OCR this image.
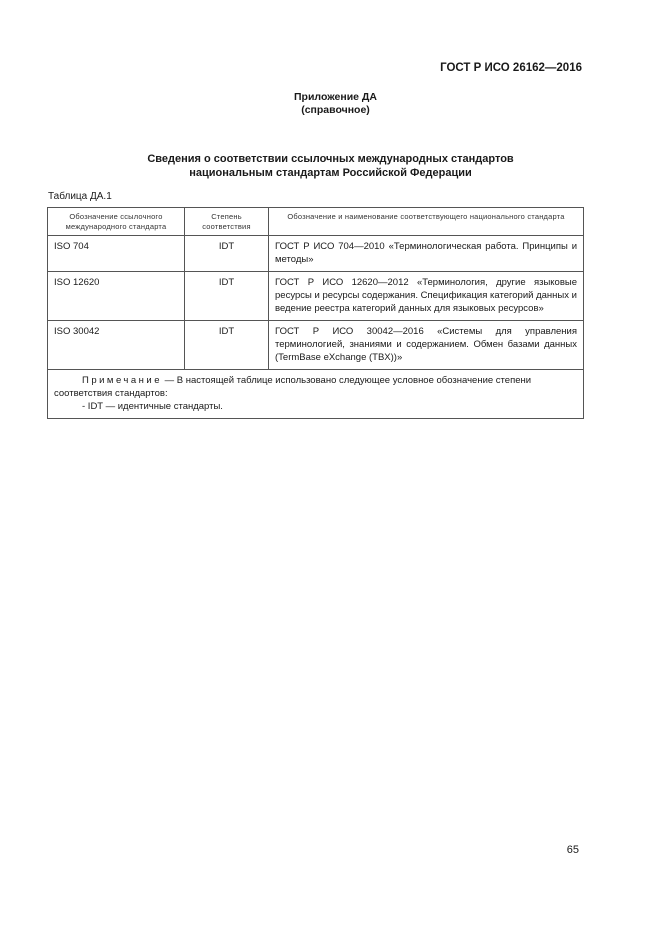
ГОСТ Р ИСО 26162—2016
Приложение ДА
(справочное)
Сведения о соответствии ссылочных международных стандартов
национальным стандартам Российской Федерации
Таблица ДА.1
Обозначение ссылочного международного стандарта	Степень соответствия	Обозначение и наименование соответствующего национального стандарта
ISO 704	IDT	ГОСТ Р ИСО 704—2010 «Терминологическая работа. Принципы и методы»
ISO 12620	IDT	ГОСТ Р ИСО 12620—2012 «Терминология, другие языковые ресурсы и ресурсы содержания. Спецификация категорий данных и ведение реестра категорий данных для языковых ресурсов»
ISO 30042	IDT	ГОСТ Р ИСО 30042—2016 «Системы для управления терминологией, знаниями и содержанием. Обмен базами данных (TermBase eXchange (TBX))»
Примечание — В настоящей таблице использовано следующее условное обозначение степени соответствия стандартов:
- IDT — идентичные стандарты.		
65
